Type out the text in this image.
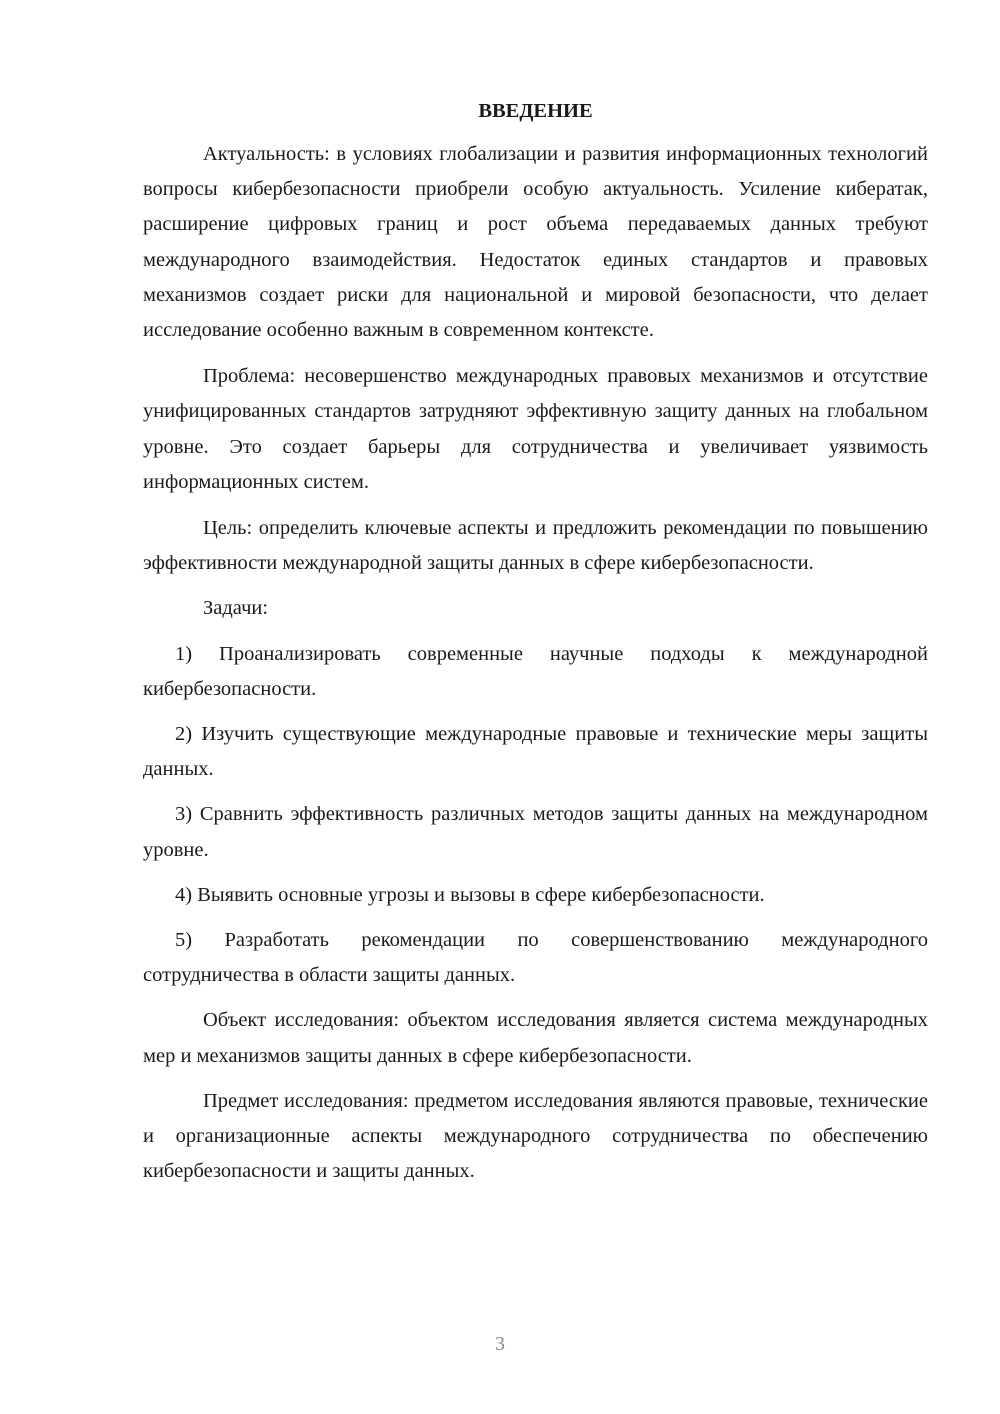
ВВЕДЕНИЕ

Актуальность: в условиях глобализации и развития информационных технологий вопросы кибербезопасности приобрели особую актуальность. Усиление кибератак, расширение цифровых границ и рост объема передаваемых данных требуют международного взаимодействия. Недостаток единых стандартов и правовых механизмов создает риски для национальной и мировой безопасности, что делает исследование особенно важным в современном контексте.

Проблема: несовершенство международных правовых механизмов и отсутствие унифицированных стандартов затрудняют эффективную защиту данных на глобальном уровне. Это создает барьеры для сотрудничества и увеличивает уязвимость информационных систем.

Цель: определить ключевые аспекты и предложить рекомендации по повышению эффективности международной защиты данных в сфере кибербезопасности.

Задачи:

1) Проанализировать современные научные подходы к международной кибербезопасности.

2) Изучить существующие международные правовые и технические меры защиты данных.

3) Сравнить эффективность различных методов защиты данных на международном уровне.

4) Выявить основные угрозы и вызовы в сфере кибербезопасности.

5) Разработать рекомендации по совершенствованию международного сотрудничества в области защиты данных.

Объект исследования: объектом исследования является система международных мер и механизмов защиты данных в сфере кибербезопасности.

Предмет исследования: предметом исследования являются правовые, технические и организационные аспекты международного сотрудничества по обеспечению кибербезопасности и защиты данных.

3
